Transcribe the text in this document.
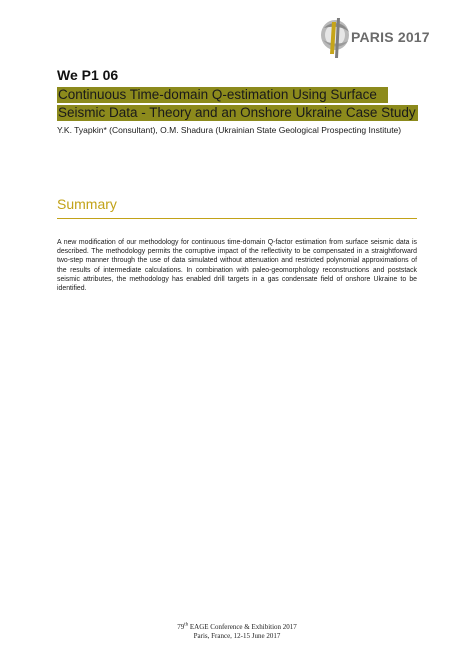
PARIS 2017
We P1 06
Continuous Time-domain Q-estimation Using Surface
Seismic Data - Theory and an Onshore Ukraine Case Study
Y.K. Tyapkin* (Consultant), O.M. Shadura (Ukrainian State Geological Prospecting Institute)
Summary
A new modification of our methodology for continuous time-domain Q-factor estimation from surface seismic data is described. The methodology permits the corruptive impact of the reflectivity to be compensated in a straightforward two-step manner through the use of data simulated without attenuation and restricted polynomial approximations of the results of intermediate calculations. In combination with paleo-geomorphology reconstructions and poststack seismic attributes, the methodology has enabled drill targets in a gas condensate field of onshore Ukraine to be identified.
79th EAGE Conference & Exhibition 2017
Paris, France, 12-15 June 2017
